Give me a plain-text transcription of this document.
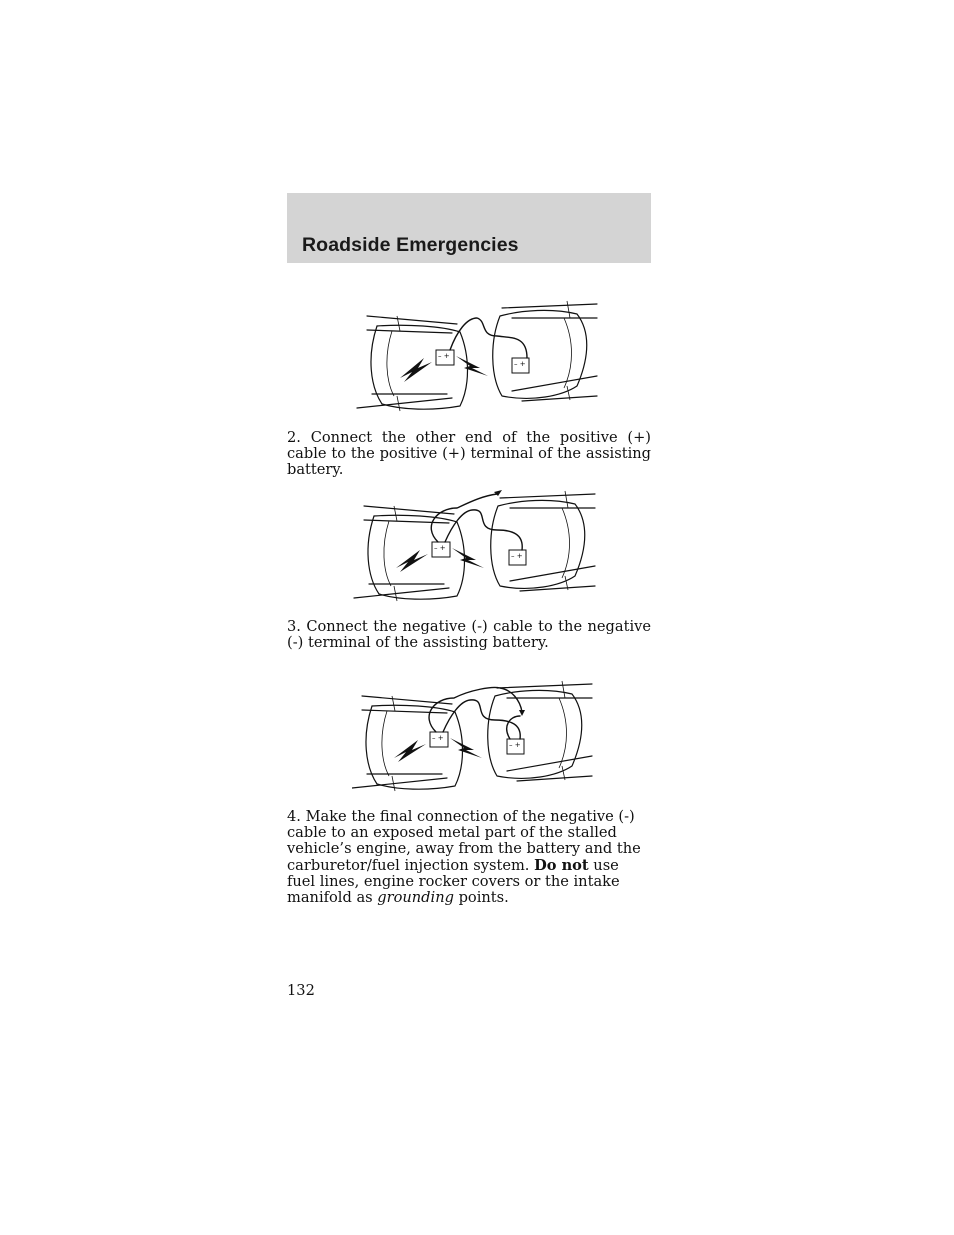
Roadside Emergencies
– +
– +

2. Connect the other end of the positive (+) cable to the positive (+) terminal of the assisting battery.

– +
– +

3. Connect the negative (-) cable to the negative (-) terminal of the assisting battery.

– +
– +

4. Make the final connection of the negative (-) cable to an exposed metal part of the stalled vehicle’s engine, away from the battery and the carburetor/fuel injection system. Do not use fuel lines, engine rocker covers or the intake manifold as grounding points.

132
